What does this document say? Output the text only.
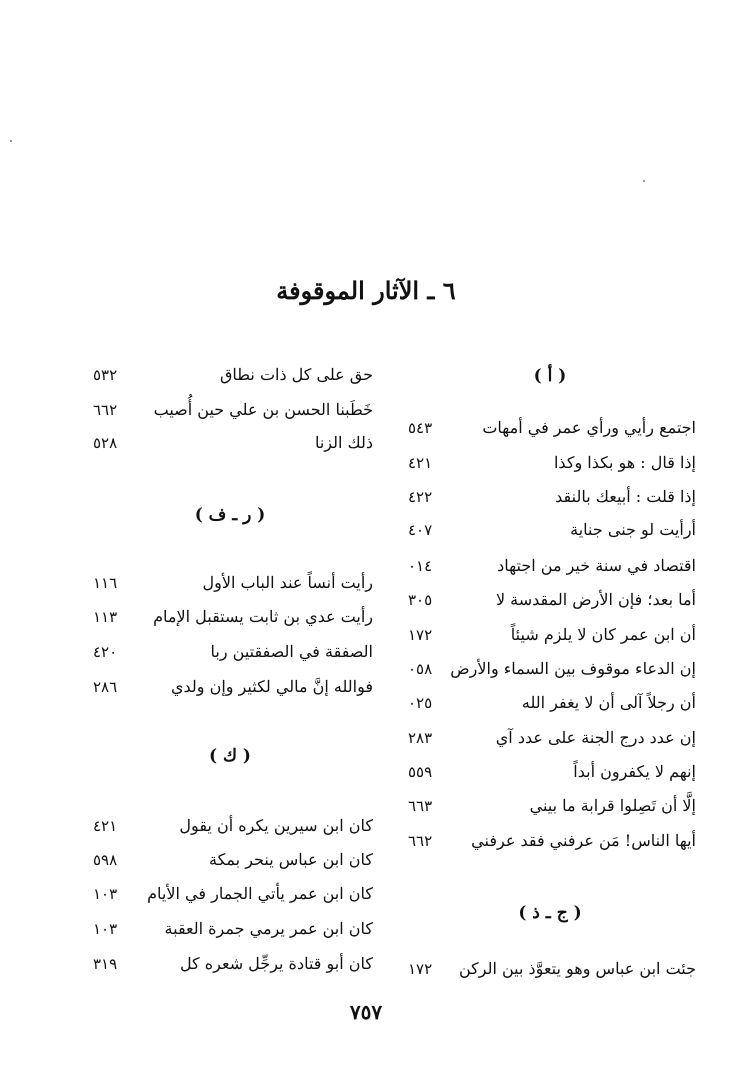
٦ ـ الآثار الموقوفة
( أ )
اجتمع رأيي ورأي عمر في أمهات
٥٤٣
إذا قال : هو بكذا وكذا
٤٢١
إذا قلت : أبيعك بالنقد
٤٢٢
أرأيت لو جنى جناية
٤٠٧
اقتصاد في سنة خير من اجتهاد
٠١٤
أما بعد؛ فإن الأرض المقدسة لا
٣٠٥
أن ابن عمر كان لا يلزم شيئاً
١٧٢
إن الدعاء موقوف بين السماء والأرض
٠٥٨
أن رجلاً آلى أن لا يغفر الله
٠٢٥
إن عدد درج الجنة على عدد آي
٢٨٣
إنهم لا يكفرون أبداً
٥٥٩
إلَّا أن تَصِلوا قرابة ما بيني
٦٦٣
أيها الناس! مَن عرفني فقد عرفني
٦٦٢
( ج ـ ذ )
جئت ابن عباس وهو يتعوَّذ بين الركن
١٧٢
حق على كل ذات نطاق
٥٣٢
خَطَبنا الحسن بن علي حين أُصيب
٦٦٢
ذلك الزنا
٥٢٨
( ر ـ ف )
رأيت أنساً عند الباب الأول
١١٦
رأيت عدي بن ثابت يستقبل الإمام
١١٣
الصفقة في الصفقتين ربا
٤٢٠
فوالله إنَّ مالي لكثير وإن ولدي
٢٨٦
( ك )
كان ابن سيرين يكره أن يقول
٤٢١
كان ابن عباس ينحر بمكة
٥٩٨
كان ابن عمر يأتي الجمار في الأيام
١٠٣
كان ابن عمر يرمي جمرة العقبة
١٠٣
كان أبو قتادة يرجِّل شعره كل
٣١٩
٧٥٧
